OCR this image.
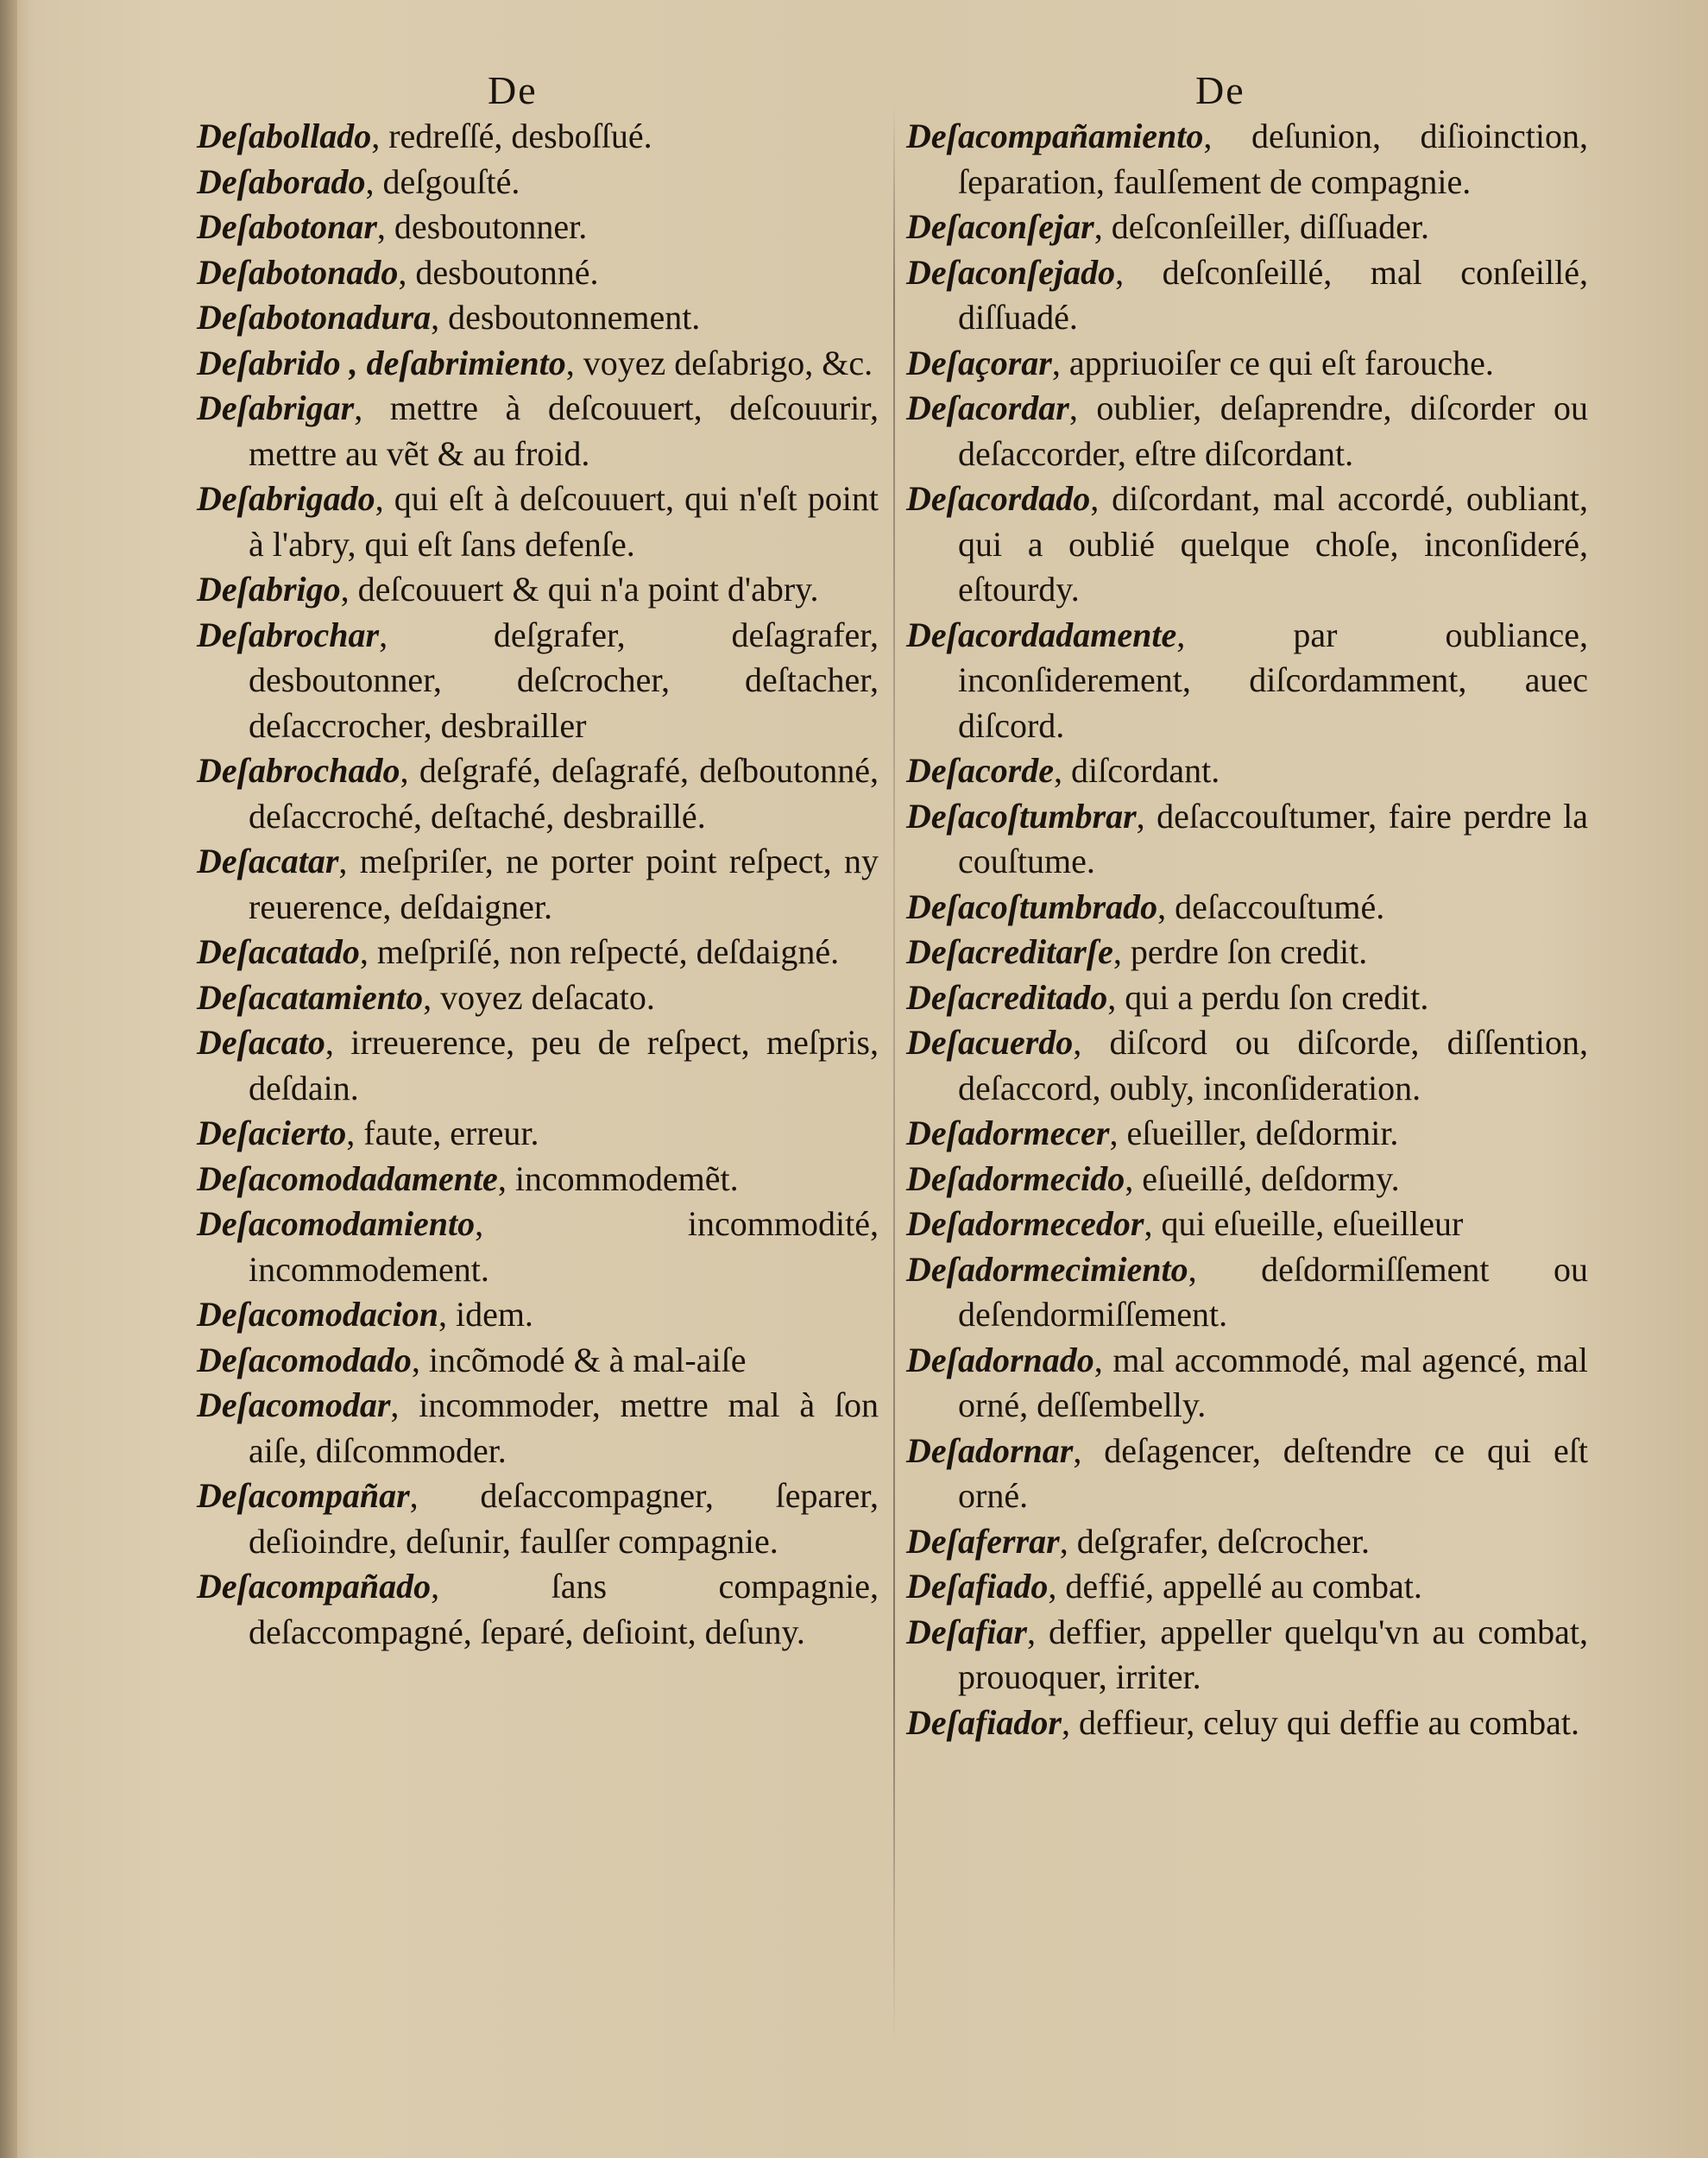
De	De
Deſabollado, redreſſé, desboſſué.
Deſaborado, deſgouſté.
Deſabotonar, desboutonner.
Deſabotonado, desboutonné.
Deſabotonadura, desboutonnement.
Deſabrido , deſabrimiento, voyez deſabrigo, &c.
Deſabrigar, mettre à deſcouuert, deſcouurir, mettre au vẽt & au froid.
Deſabrigado, qui eſt à deſcouuert, qui n'eſt point à l'abry, qui eſt ſans defenſe.
Deſabrigo, deſcouuert & qui n'a point d'abry.
Deſabrochar, deſgrafer, deſagrafer, desboutonner, deſcrocher, deſtacher, deſaccrocher, desbrailler
Deſabrochado, deſgrafé, deſagrafé, deſboutonné, deſaccroché, deſtaché, desbraillé.
Deſacatar, meſpriſer, ne porter point reſpect, ny reuerence, deſdaigner.
Deſacatado, meſpriſé, non reſpecté, deſdaigné.
Deſacatamiento, voyez deſacato.
Deſacato, irreuerence, peu de reſpect, meſpris, deſdain.
Deſacierto, faute, erreur.
Deſacomodadamente, incommodemẽt.
Deſacomodamiento, incommodité, incommodement.
Deſacomodacion, idem.
Deſacomodado, incõmodé & à mal-aiſe
Deſacomodar, incommoder, mettre mal à ſon aiſe, diſcommoder.
Deſacompañar, deſaccompagner, ſeparer, deſioindre, deſunir, faulſer compagnie.
Deſacompañado, ſans compagnie, deſaccompagné, ſeparé, deſioint, deſuny.
Deſacompañamiento, deſunion, diſioinction, ſeparation, faulſement de compagnie.
Deſaconſejar, deſconſeiller, diſſuader.
Deſaconſejado, deſconſeillé, mal conſeillé, diſſuadé.
Deſaçorar, appriuoiſer ce qui eſt farouche.
Deſacordar, oublier, deſaprendre, diſcorder ou deſaccorder, eſtre diſcordant.
Deſacordado, diſcordant, mal accordé, oubliant, qui a oublié quelque choſe, inconſideré, eſtourdy.
Deſacordadamente, par oubliance, inconſiderement, diſcordamment, auec diſcord.
Deſacorde, diſcordant.
Deſacoſtumbrar, deſaccouſtumer, faire perdre la couſtume.
Deſacoſtumbrado, deſaccouſtumé.
Deſacreditarſe, perdre ſon credit.
Deſacreditado, qui a perdu ſon credit.
Deſacuerdo, diſcord ou diſcorde, diſſention, deſaccord, oubly, inconſideration.
Deſadormecer, eſueiller, deſdormir.
Deſadormecido, eſueillé, deſdormy.
Deſadormecedor, qui eſueille, eſueilleur
Deſadormecimiento, deſdormiſſement ou deſendormiſſement.
Deſadornado, mal accommodé, mal agencé, mal orné, deſſembelly.
Deſadornar, deſagencer, deſtendre ce qui eſt orné.
Deſaferrar, deſgrafer, deſcrocher.
Deſafiado, deffié, appellé au combat.
Deſafiar, deffier, appeller quelqu'vn au combat, prouoquer, irriter.
Deſafiador, deffieur, celuy qui deffie au combat.
